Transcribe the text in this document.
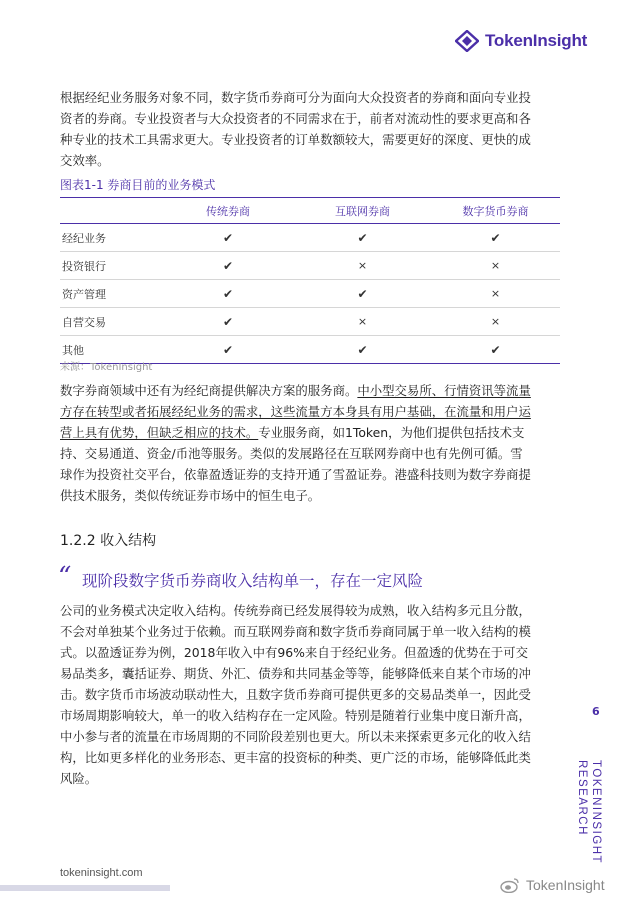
TokenInsight
根据经纪业务服务对象不同，数字货币券商可分为面向大众投资者的券商和面向专业投
资者的券商。专业投资者与大众投资者的不同需求在于，前者对流动性的要求更高和各
种专业的技术工具需求更大。专业投资者的订单数额较大，需要更好的深度、更快的成
交效率。
图表1-1 券商目前的业务模式
	传统券商	互联网券商	数字货币券商
经纪业务	✔	✔	✔
投资银行	✔	×	×
资产管理	✔	✔	×
自营交易	✔	×	×
其他	✔	✔	✔
来源：TokenInsight
数字券商领域中还有为经纪商提供解决方案的服务商。中小型交易所、行情资讯等流量
方存在转型或者拓展经纪业务的需求，这些流量方本身具有用户基础，在流量和用户运
营上具有优势，但缺乏相应的技术。专业服务商，如1Token，为他们提供包括技术支
持、交易通道、资金/币池等服务。类似的发展路径在互联网券商中也有先例可循。雪
球作为投资社交平台，依靠盈透证券的支持开通了雪盈证券。港盛科技则为数字券商提
供技术服务，类似传统证券市场中的恒生电子。
1.2.2 收入结构
“ 现阶段数字货币券商收入结构单一，存在一定风险
公司的业务模式决定收入结构。传统券商已经发展得较为成熟，收入结构多元且分散，
不会对单独某个业务过于依赖。而互联网券商和数字货币券商同属于单一收入结构的模
式。以盈透证券为例，2018年收入中有96%来自于经纪业务。但盈透的优势在于可交
易品类多，囊括证券、期货、外汇、债券和共同基金等等，能够降低来自某个市场的冲
击。数字货币市场波动联动性大，且数字货币券商可提供更多的交易品类单一，因此受
市场周期影响较大，单一的收入结构存在一定风险。特别是随着行业集中度日渐升高，
中小参与者的流量在市场周期的不同阶段差别也更大。所以未来探索更多元化的收入结
构，比如更多样化的业务形态、更丰富的投资标的种类、更广泛的市场，能够降低此类
风险。
6
TOKENINSIGHT
RESEARCH
tokeninsight.com
TokenInsight
